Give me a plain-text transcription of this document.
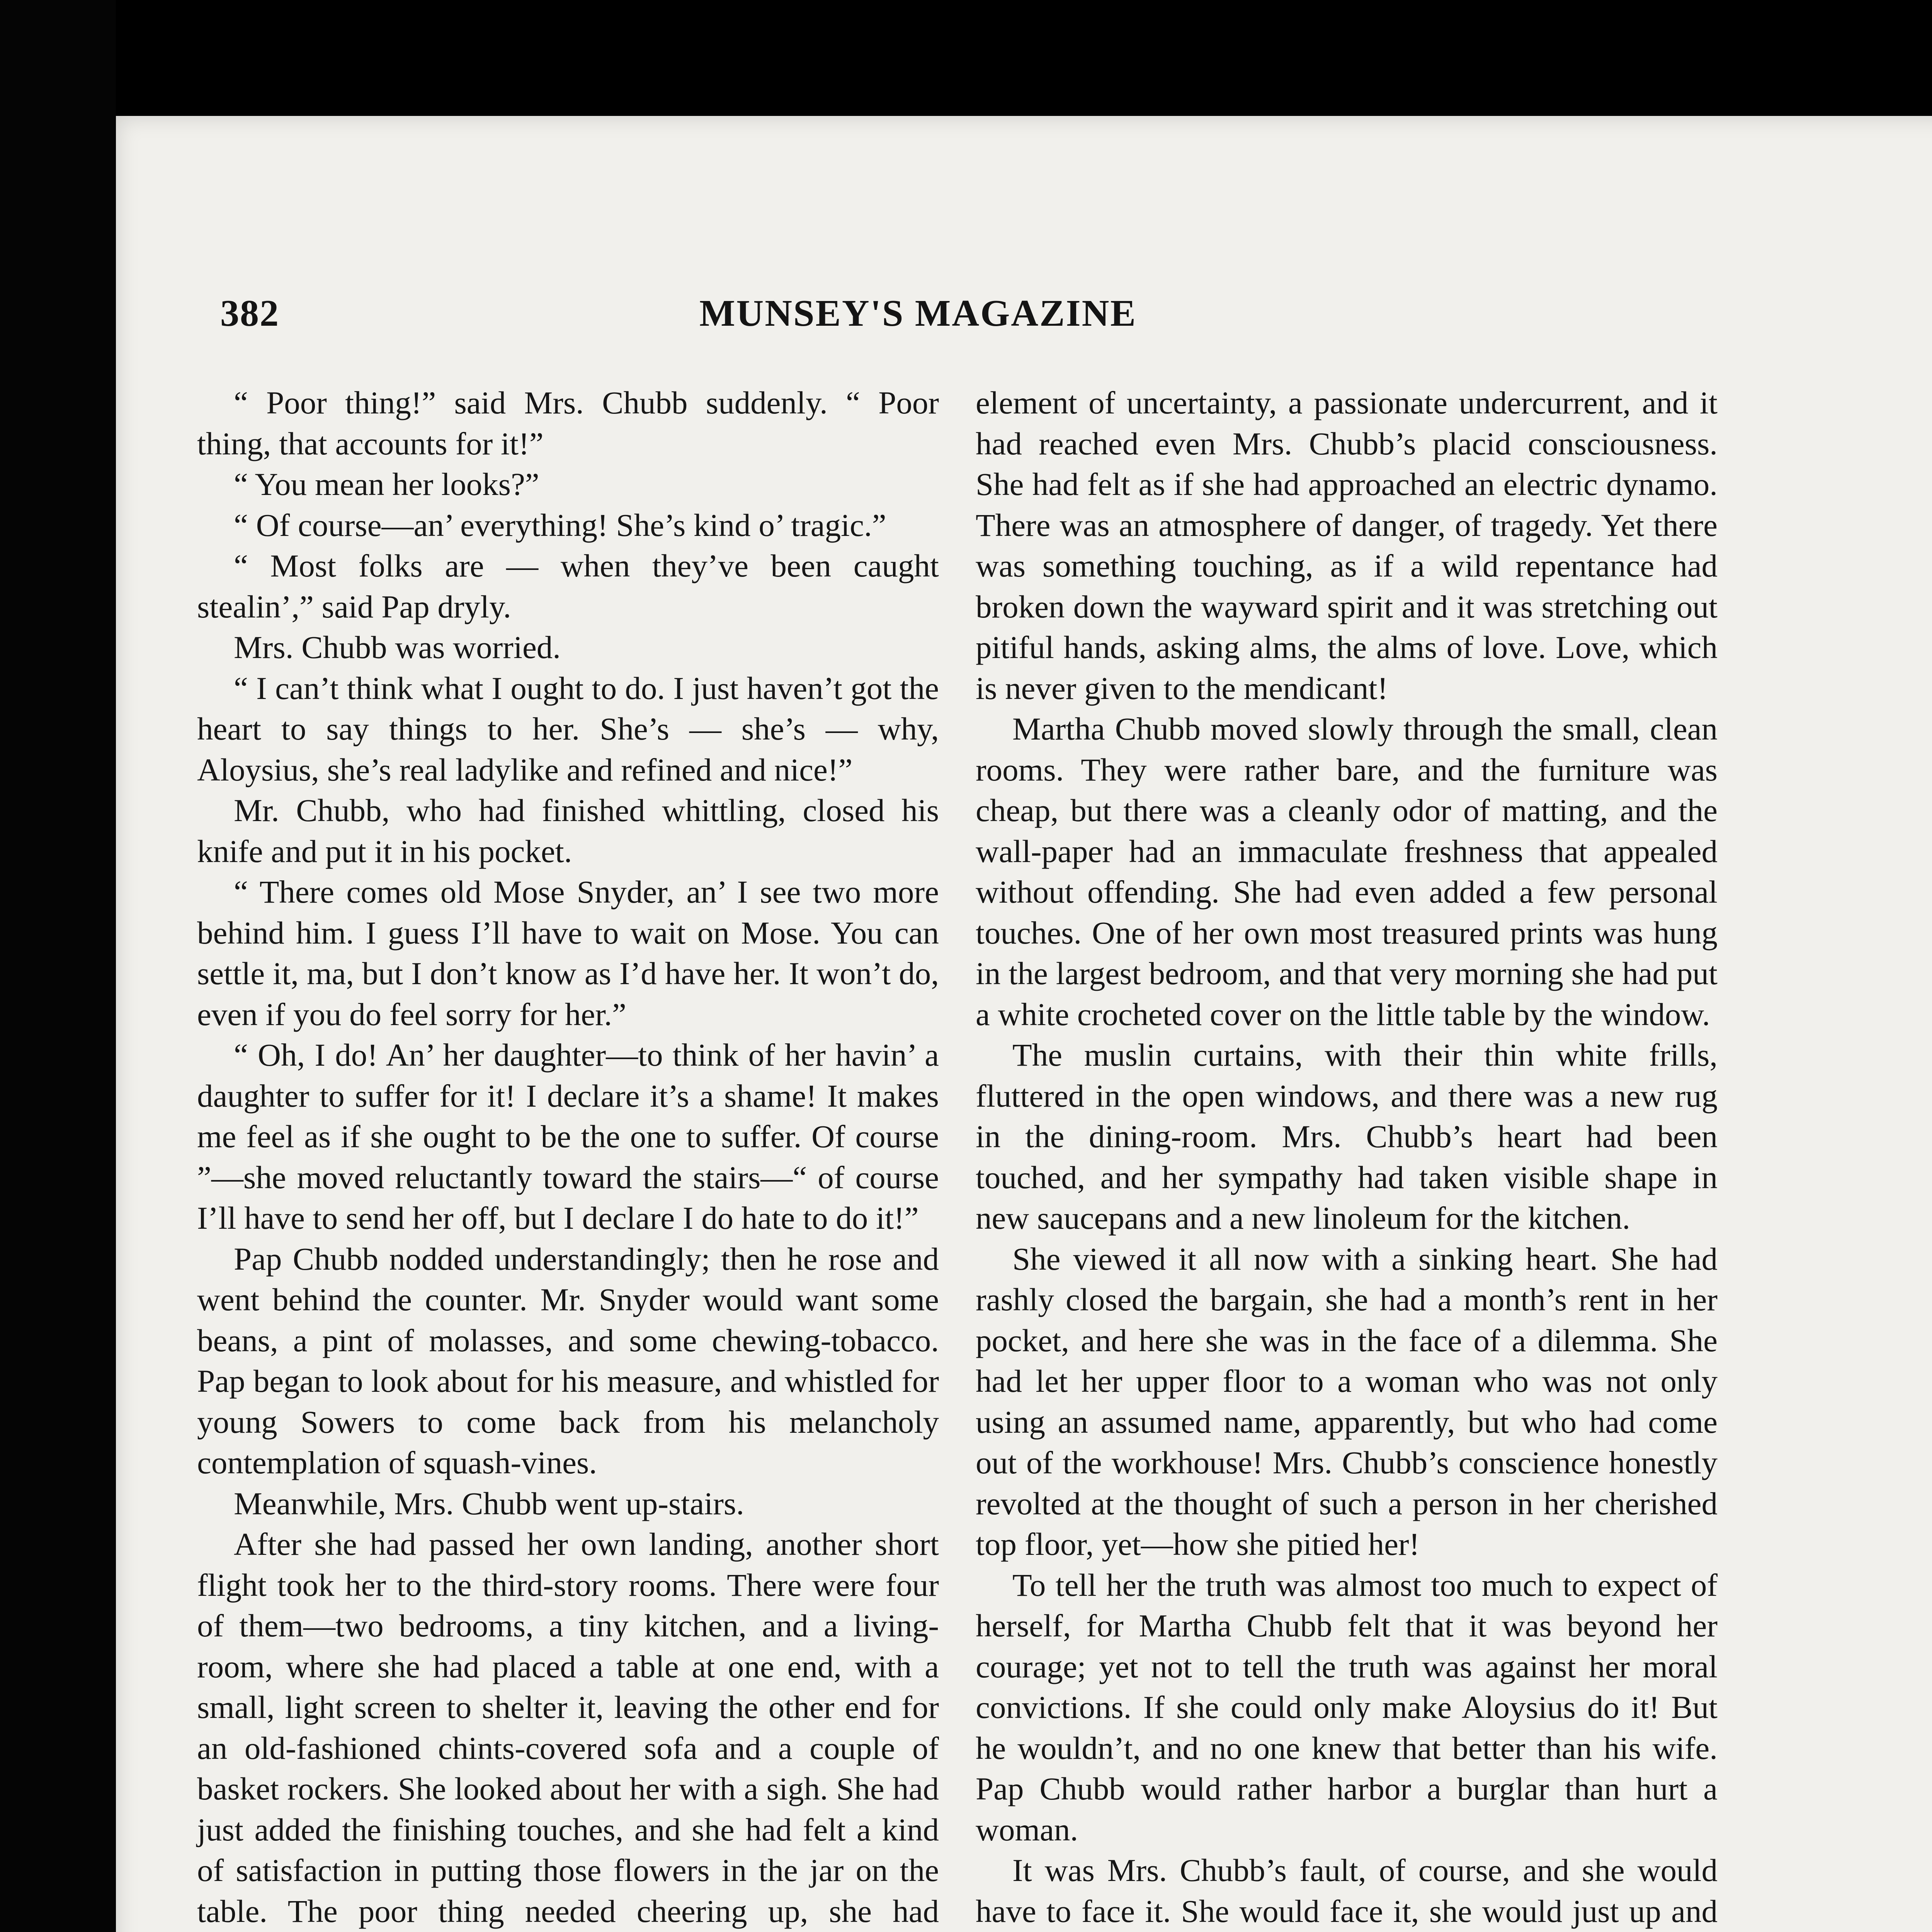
382	MUNSEY'S MAGAZINE

“ Poor thing!” said Mrs. Chubb suddenly. “ Poor thing, that accounts for it!”

“ You mean her looks?”

“ Of course—an’ everything! She’s kind o’ tragic.”

“ Most folks are — when they’ve been caught stealin’,” said Pap dryly.

Mrs. Chubb was worried.

“ I can’t think what I ought to do. I just haven’t got the heart to say things to her. She’s — she’s — why, Aloysius, she’s real ladylike and refined and nice!”

Mr. Chubb, who had finished whittling, closed his knife and put it in his pocket.

“ There comes old Mose Snyder, an’ I see two more behind him. I guess I’ll have to wait on Mose. You can settle it, ma, but I don’t know as I’d have her. It won’t do, even if you do feel sorry for her.”

“ Oh, I do! An’ her daughter—to think of her havin’ a daughter to suffer for it! I declare it’s a shame! It makes me feel as if she ought to be the one to suffer. Of course ”—she moved reluctantly toward the stairs—“ of course I’ll have to send her off, but I declare I do hate to do it!”

Pap Chubb nodded understandingly; then he rose and went behind the counter. Mr. Snyder would want some beans, a pint of molasses, and some chewing-tobacco. Pap began to look about for his measure, and whistled for young Sowers to come back from his melancholy contemplation of squash-vines.

Meanwhile, Mrs. Chubb went up-stairs.

After she had passed her own landing, another short flight took her to the third-story rooms. There were four of them—two bedrooms, a tiny kitchen, and a living-room, where she had placed a table at one end, with a small, light screen to shelter it, leaving the other end for an old-fashioned chints-covered sofa and a couple of basket rockers. She looked about her with a sigh. She had just added the finishing touches, and she had felt a kind of satisfaction in putting those flowers in the jar on the table. The poor thing needed cheering up, she had

element of uncertainty, a passionate undercurrent, and it had reached even Mrs. Chubb’s placid consciousness. She had felt as if she had approached an electric dynamo. There was an atmosphere of danger, of tragedy. Yet there was something touching, as if a wild repentance had broken down the wayward spirit and it was stretching out pitiful hands, asking alms, the alms of love. Love, which is never given to the mendicant!

Martha Chubb moved slowly through the small, clean rooms. They were rather bare, and the furniture was cheap, but there was a cleanly odor of matting, and the wall-paper had an immaculate freshness that appealed without offending. She had even added a few personal touches. One of her own most treasured prints was hung in the largest bedroom, and that very morning she had put a white crocheted cover on the little table by the window.

The muslin curtains, with their thin white frills, fluttered in the open windows, and there was a new rug in the dining-room. Mrs. Chubb’s heart had been touched, and her sympathy had taken visible shape in new saucepans and a new linoleum for the kitchen.

She viewed it all now with a sinking heart. She had rashly closed the bargain, she had a month’s rent in her pocket, and here she was in the face of a dilemma. She had let her upper floor to a woman who was not only using an assumed name, apparently, but who had come out of the workhouse! Mrs. Chubb’s conscience honestly revolted at the thought of such a person in her cherished top floor, yet—how she pitied her!

To tell her the truth was almost too much to expect of herself, for Martha Chubb felt that it was beyond her courage; yet not to tell the truth was against her moral convictions. If she could only make Aloysius do it! But he wouldn’t, and no one knew that better than his wife. Pap Chubb would rather harbor a burglar than hurt a woman.

It was Mrs. Chubb’s fault, of course, and she would have to face it. She would face it, she would just up and
